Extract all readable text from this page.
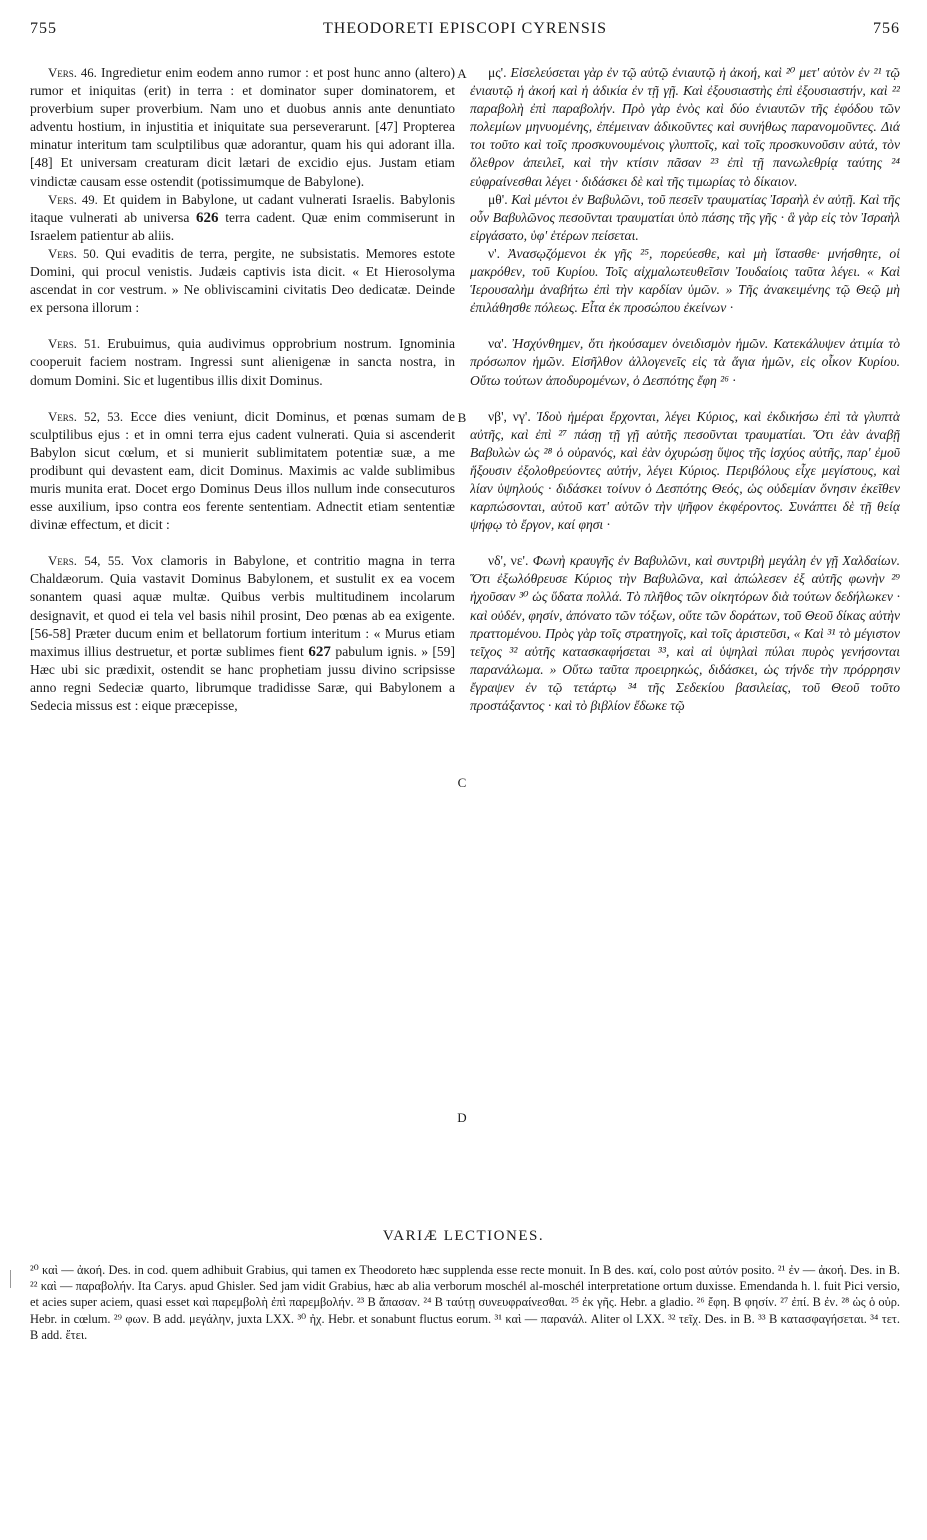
755	THEODORETI EPISCOPI CYRENSIS	756

Vers. 46. Ingredietur enim eodem anno rumor : et post hunc anno (altero) rumor et iniquitas (erit) in terra : et dominator super dominatorem, et proverbium super proverbium. Nam uno et duobus annis ante denuntiato adventu hostium, in injustitia et iniquitate sua perseverarunt. [47] Propterea minatur interitum tam sculptilibus quæ adorantur, quam his qui adorant illa. [48] Et universam creaturam dicit lætari de excidio ejus. Justam etiam vindictæ causam esse ostendit (potissimumque de Babylone).

Vers. 49. Et quidem in Babylone, ut cadant vulnerati Israelis. Babylonis itaque vulnerati ab universa 626 terra cadent. Quæ enim commiserunt in Israelem patientur ab aliis.

Vers. 50. Qui evaditis de terra, pergite, ne subsistatis. Memores estote Domini, qui procul venistis. Judæis captivis ista dicit. « Et Hierosolyma ascendat in cor vestrum. » Ne obliviscamini civitatis Deo dedicatæ. Deinde ex persona illorum :

Vers. 51. Erubuimus, quia audivimus opprobrium nostrum. Ignominia cooperuit faciem nostram. Ingressi sunt alienigenæ in sancta nostra, in domum Domini. Sic et lugentibus illis dixit Dominus.

Vers. 52, 53. Ecce dies veniunt, dicit Dominus, et pœnas sumam de sculptilibus ejus : et in omni terra ejus cadent vulnerati. Quia si ascenderit Babylon sicut cœlum, et si munierit sublimitatem potentiæ suæ, a me prodibunt qui devastent eam, dicit Dominus. Maximis ac valde sublimibus muris munita erat. Docet ergo Dominus Deus illos nullum inde consecuturos esse auxilium, ipso contra eos ferente sententiam. Adnectit etiam sententiæ divinæ effectum, et dicit :

Vers. 54, 55. Vox clamoris in Babylone, et contritio magna in terra Chaldæorum. Quia vastavit Dominus Babylonem, et sustulit ex ea vocem sonantem quasi aquæ multæ. Quibus verbis multitudinem incolarum designavit, et quod ei tela vel basis nihil prosint, Deo pœnas ab ea exigente. [56-58] Præter ducum enim et bellatorum fortium interitum : « Murus etiam maximus illius destruetur, et portæ sublimes fient 627 pabulum ignis. » [59] Hæc ubi sic prædixit, ostendit se hanc prophetiam jussu divino scripsisse anno regni Sedeciæ quarto, librumque tradidisse Saræ, qui Babylonem a Sedecia missus est : eique præcepisse,

A
B
C
D

μς'. Εἰσελεύσεται γὰρ ἐν τῷ αὐτῷ ἐνιαυτῷ ἡ ἀκοή, καὶ ²⁰ μετ' αὐτὸν ἐν ²¹ τῷ ἐνιαυτῷ ἡ ἀκοή καὶ ἡ ἀδικία ἐν τῇ γῇ. Καὶ ἐξουσιαστὴς ἐπὶ ἐξουσιαστήν, καὶ ²² παραβολὴ ἐπὶ παραβολήν. Πρὸ γὰρ ἑνὸς καὶ δύο ἐνιαυτῶν τῆς ἐφόδου τῶν πολεμίων μηνυομένης, ἐπέμειναν ἀδικοῦντες καὶ συνήθως παρανομοῦντες. Διά τοι τοῦτο καὶ τοῖς προσκυνουμένοις γλυπτοῖς, καὶ τοῖς προσκυνοῦσιν αὐτά, τὸν ὄλεθρον ἀπειλεῖ, καὶ τὴν κτίσιν πᾶσαν ²³ ἐπὶ τῇ πανωλεθρίᾳ ταύτης ²⁴ εὐφραίνεσθαι λέγει · διδάσκει δὲ καὶ τῆς τιμωρίας τὸ δίκαιον.

μθ'. Καὶ μέντοι ἐν Βαβυλῶνι, τοῦ πεσεῖν τραυματίας Ἰσραὴλ ἐν αὐτῇ. Καὶ τῆς οὖν Βαβυλῶνος πεσοῦνται τραυματίαι ὑπὸ πάσης τῆς γῆς · ἃ γὰρ εἰς τὸν Ἰσραὴλ εἰργάσατο, ὑφ' ἑτέρων πείσεται.

ν'. Ἀνασῳζόμενοι ἐκ γῆς ²⁵, πορεύεσθε, καὶ μὴ ἵστασθε· μνήσθητε, οἱ μακρόθεν, τοῦ Κυρίου. Τοῖς αἰχμαλωτευθεῖσιν Ἰουδαίοις ταῦτα λέγει. « Καὶ Ἱερουσαλὴμ ἀναβήτω ἐπὶ τὴν καρδίαν ὑμῶν. » Τῆς ἀνακειμένης τῷ Θεῷ μὴ ἐπιλάθησθε πόλεως. Εἶτα ἐκ προσώπου ἐκείνων ·

να'. Ἠσχύνθημεν, ὅτι ἠκούσαμεν ὀνειδισμὸν ἡμῶν. Κατεκάλυψεν ἀτιμία τὸ πρόσωπον ἡμῶν. Εἰσῆλθον ἀλλογενεῖς εἰς τὰ ἅγια ἡμῶν, εἰς οἶκον Κυρίου. Οὕτω τούτων ἀποδυρομένων, ὁ Δεσπότης ἔφη ²⁶ ·

νβ', νγ'. Ἰδοὺ ἡμέραι ἔρχονται, λέγει Κύριος, καὶ ἐκδικήσω ἐπὶ τὰ γλυπτὰ αὐτῆς, καὶ ἐπὶ ²⁷ πάσῃ τῇ γῇ αὐτῆς πεσοῦνται τραυματίαι. Ὅτι ἐὰν ἀναβῇ Βαβυλὼν ὡς ²⁸ ὁ οὐρανός, καὶ ἐὰν ὀχυρώσῃ ὕψος τῆς ἰσχύος αὐτῆς, παρ' ἐμοῦ ἥξουσιν ἐξολοθρεύοντες αὐτήν, λέγει Κύριος. Περιβόλους εἶχε μεγίστους, καὶ λίαν ὑψηλούς · διδάσκει τοίνυν ὁ Δεσπότης Θεός, ὡς οὐδεμίαν ὄνησιν ἐκεῖθεν καρπώσονται, αὐτοῦ κατ' αὐτῶν τὴν ψῆφον ἐκφέροντος. Συνάπτει δὲ τῇ θείᾳ ψήφῳ τὸ ἔργον, καί φησι ·

νδ', νε'. Φωνὴ κραυγῆς ἐν Βαβυλῶνι, καὶ συντριβὴ μεγάλη ἐν γῇ Χαλδαίων. Ὅτι ἐξωλόθρευσε Κύριος τὴν Βαβυλῶνα, καὶ ἀπώλεσεν ἐξ αὐτῆς φωνὴν ²⁹ ἠχοῦσαν ³⁰ ὡς ὕδατα πολλά. Τὸ πλῆθος τῶν οἰκητόρων διὰ τούτων δεδήλωκεν · καὶ οὐδέν, φησίν, ἀπόνατο τῶν τόξων, οὔτε τῶν δοράτων, τοῦ Θεοῦ δίκας αὐτὴν πραττομένου. Πρὸς γὰρ τοῖς στρατηγοῖς, καὶ τοῖς ἀριστεῦσι, « Καὶ ³¹ τὸ μέγιστον τεῖχος ³² αὐτῆς κατασκαφήσεται ³³, καὶ αἱ ὑψηλαὶ πύλαι πυρὸς γενήσονται παρανάλωμα. » Οὕτω ταῦτα προειρηκώς, διδάσκει, ὡς τήνδε τὴν πρόρρησιν ἔγραψεν ἐν τῷ τετάρτῳ ³⁴ τῆς Σεδεκίου βασιλείας, τοῦ Θεοῦ τοῦτο προστάξαντος · καὶ τὸ βιβλίον ἔδωκε τῷ

VARIÆ LECTIONES.

²⁰ καὶ — ἀκοή. Des. in cod. quem adhibuit Grabius, qui tamen ex Theodoreto hæc supplenda esse recte monuit. In B des. καί, colo post αὐτόν posito. ²¹ ἐν — ἀκοή. Des. in B. ²² καὶ — παραβολήν. Ita Carys. apud Ghisler. Sed jam vidit Grabius, hæc ab alia verborum moschél al-moschél interpretatione ortum duxisse. Emendanda h. l. fuit Pici versio, et acies super aciem, quasi esset καὶ παρεμβολὴ ἐπὶ παρεμβολήν. ²³ B ἅπασαν. ²⁴ B ταύτῃ συνευφραίνεσθαι. ²⁵ ἐκ γῆς. Hebr. a gladio. ²⁶ ἔφη. B φησίν. ²⁷ ἐπί. B ἐν. ²⁸ ὡς ὁ οὐρ. Hebr. in cœlum. ²⁹ φων. B add. μεγάλην, juxta LXX. ³⁰ ἠχ. Hebr. et sonabunt fluctus eorum. ³¹ καὶ — παρανάλ. Aliter ol LXX. ³² τεῖχ. Des. in B. ³³ B κατασφαγήσεται. ³⁴ τετ. B add. ἔτει.
